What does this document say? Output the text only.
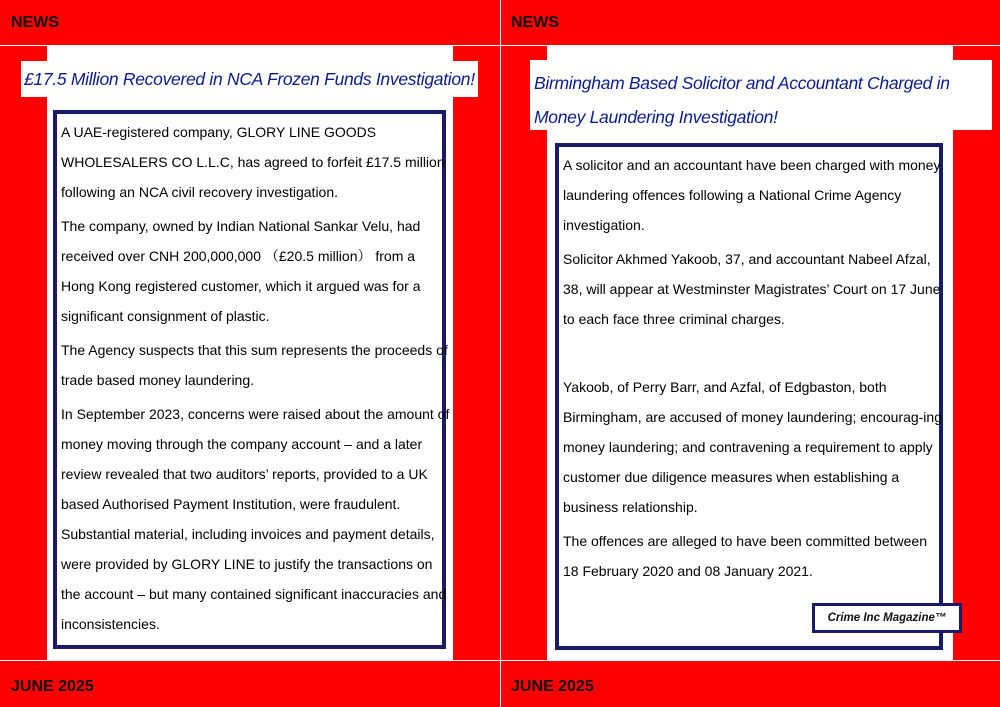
NEWS
£17.5 Million Recovered in NCA Frozen Funds Investigation!

A UAE-registered company, GLORY LINE GOODS WHOLESALERS CO L.L.C, has agreed to forfeit £17.5 million following an NCA civil recovery investigation.

The company, owned by Indian National Sankar Velu, had received over CNH 200,000,000 （£20.5 million） from a Hong Kong registered customer, which it argued was for a significant consignment of plastic.

The Agency suspects that this sum represents the proceeds of trade based money laundering.

In September 2023, concerns were raised about the amount of money moving through the company account – and a later review revealed that two auditors’ reports, provided to a UK based Authorised Payment Institution, were fraudulent. Substantial material, including invoices and payment details, were provided by GLORY LINE to justify the transactions on the account – but many contained significant inaccuracies and inconsistencies.

JUNE 2025
NEWS
Birmingham Based Solicitor and Accountant Charged in Money Laundering Investigation!

A solicitor and an accountant have been charged with money laundering offences following a National Crime Agency investigation.

Solicitor Akhmed Yakoob, 37, and accountant Nabeel Afzal, 38, will appear at Westminster Magistrates’ Court on 17 June to each face three criminal charges.

Yakoob, of Perry Barr, and Azfal, of Edgbaston, both Birmingham, are accused of money laundering; encourag-ing money laundering; and contravening a requirement to apply customer due diligence measures when establishing a business relationship.

The offences are alleged to have been committed between 18 February 2020 and 08 January 2021.

Crime Inc Magazine™
JUNE 2025
